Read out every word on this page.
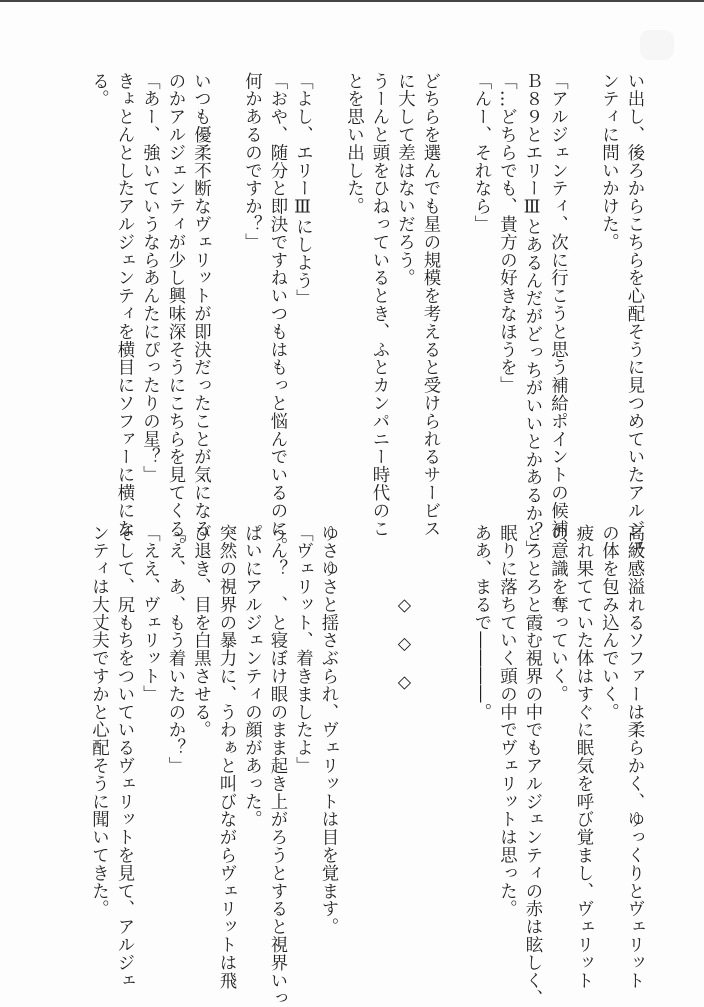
い出し、後ろからこちらを心配そうに見つめていたアルジェ

ンティに問いかけた。

「アルジェンティ、次に行こうと思う補給ポイントの候補、

Ｂ８９とエリーⅢとあるんだがどっちがいいとかあるか？」

「…どちらでも、貴方の好きなほうを」

「んー、それなら」

どちらを選んでも星の規模を考えると受けられるサービス

に大して差はないだろう。

うーんと頭をひねっているとき、ふとカンパニー時代のこ

とを思い出した。

「よし、エリーⅢにしよう」

「おや、随分と即決ですねいつもはもっと悩んでいるのに。

何かあるのですか？」

いつも優柔不断なヴェリットが即決だったことが気になる

のかアルジェンティが少し興味深そうにこちらを見てくる。

「あー、強いていうならあんたにぴったりの星？」

きょとんとしたアルジェンティを横目にソファーに横にな

る。

高級感溢れるソファーは柔らかく、ゆっくりとヴェリット

の体を包み込んでいく。

疲れ果てていた体はすぐに眠気を呼び覚まし、ヴェリット

の意識を奪っていく。

とろとろと霞む視界の中でもアルジェンティの赤は眩しく、

眠りに落ちていく頭の中でヴェリットは思った。

ああ、まるで――――。

　　　　◇　◇　◇

ゆさゆさと揺さぶられ、ヴェリットは目を覚ます。

「ヴェリット、着きましたよ」

うん？　、と寝ぼけ眼のまま起き上がろうとすると視界いっ

ぱいにアルジェンティの顔があった。

突然の視界の暴力に、うわぁと叫びながらヴェリットは飛

び退き、目を白黒させる。

「え、あ、もう着いたのか？」

「ええ、ヴェリット」

そして、尻もちをついているヴェリットを見て、アルジェ

ンティは大丈夫ですかと心配そうに聞いてきた。
